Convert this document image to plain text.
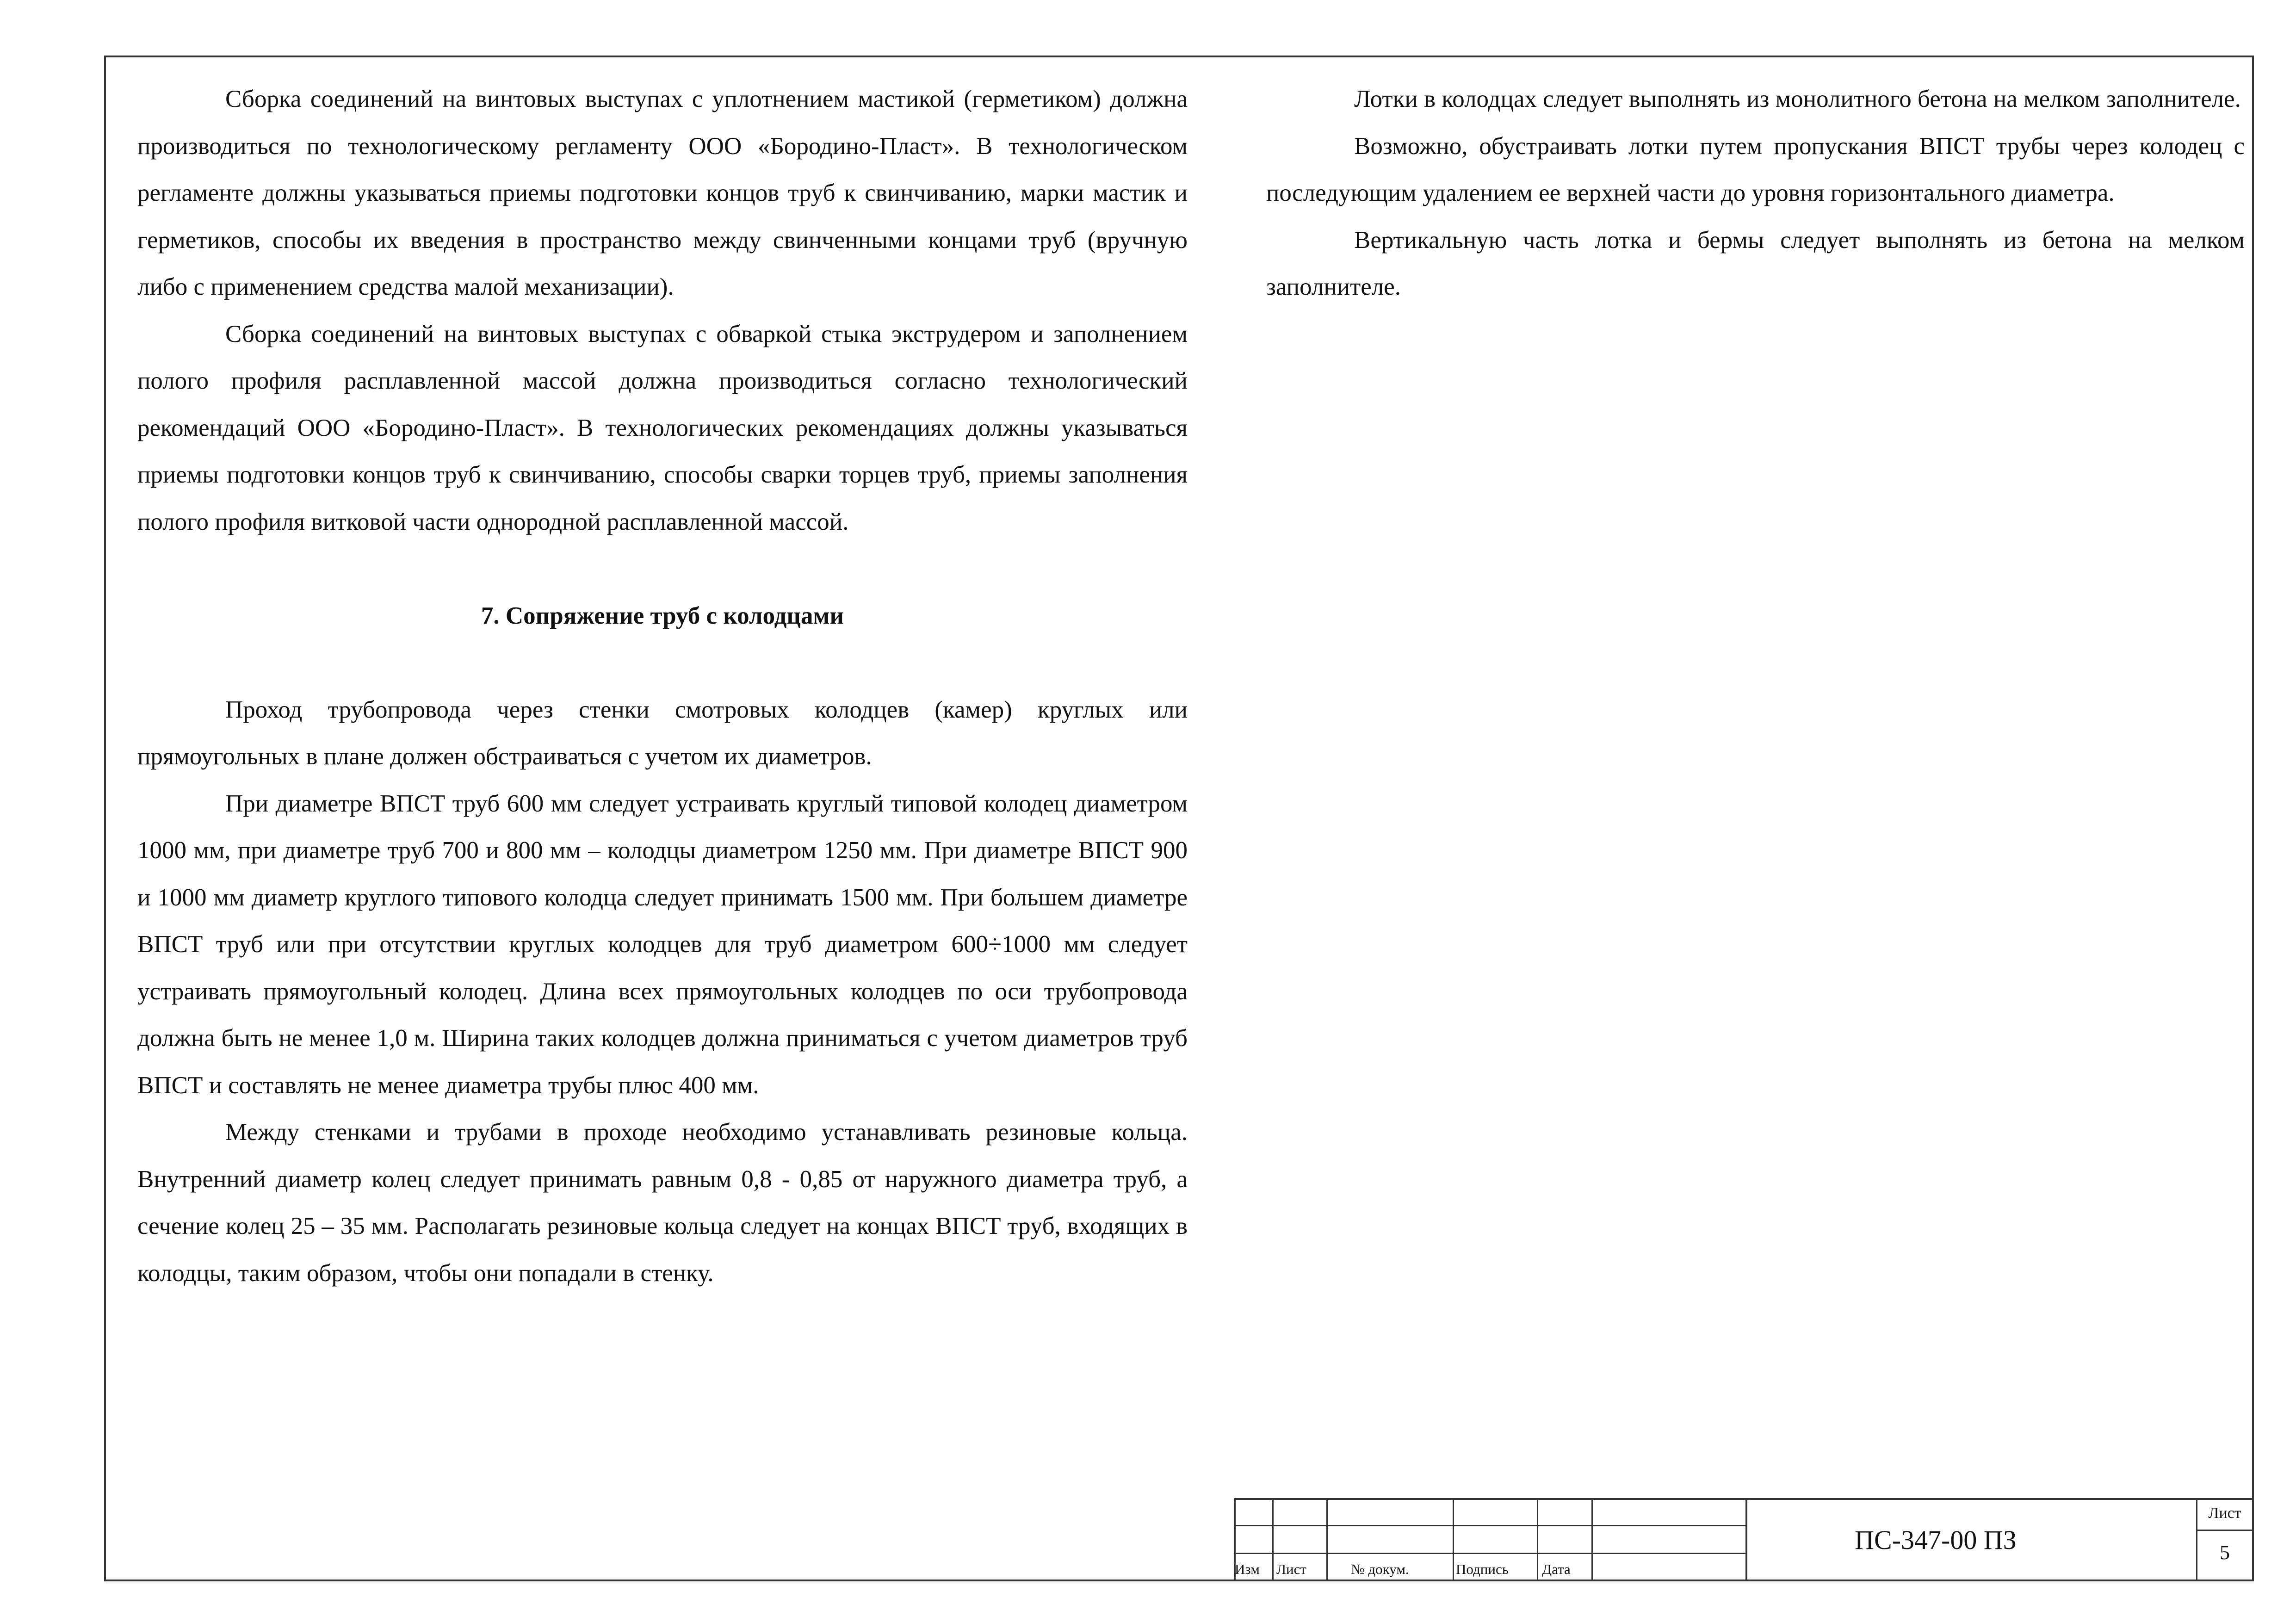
Сборка соединений на винтовых выступах с уплотнением мастикой (герметиком) должна производиться по технологическому регламенту ООО «Бородино-Пласт». В технологическом регламенте должны указываться приемы подготовки концов труб к свинчиванию, марки мастик и герметиков, способы их введения в пространство между свинченными концами труб (вручную либо с применением средства малой механизации).

Сборка соединений на винтовых выступах с обваркой стыка экструдером и заполнением полого профиля расплавленной массой должна производиться согласно технологический рекомендаций ООО «Бородино-Пласт». В технологических рекомендациях должны указываться приемы подготовки концов труб к свинчиванию, способы сварки торцев труб, приемы заполнения полого профиля витковой части однородной расплавленной массой.

7. Сопряжение труб с колодцами

Проход трубопровода через стенки смотровых колодцев (камер) круглых или прямоугольных в плане должен обстраиваться с учетом их диаметров.

При диаметре ВПСТ труб 600 мм следует устраивать круглый типовой колодец диаметром 1000 мм, при диаметре труб 700 и 800 мм – колодцы диаметром 1250 мм. При диаметре ВПСТ 900 и 1000 мм диаметр круглого типового колодца следует принимать 1500 мм. При большем диаметре ВПСТ труб или при отсутствии круглых колодцев для труб диаметром 600÷1000 мм следует устраивать прямоугольный колодец. Длина всех прямоугольных колодцев по оси трубопровода должна быть не менее 1,0 м. Ширина таких колодцев должна приниматься с учетом диаметров труб ВПСТ и составлять не менее диаметра трубы плюс 400 мм.

Между стенками и трубами в проходе необходимо устанавливать резиновые кольца. Внутренний диаметр колец следует принимать равным 0,8 - 0,85 от наружного диаметра труб, а сечение колец 25 – 35 мм. Располагать резиновые кольца следует на концах ВПСТ труб, входящих в колодцы, таким образом, чтобы они попадали в стенку.

Лотки в колодцах следует выполнять из монолитного бетона на мелком заполнителе.

Возможно, обустраивать лотки путем пропускания ВПСТ трубы через колодец с последующим удалением ее верхней части до уровня горизонтального диаметра.

Вертикальную часть лотка и бермы следует выполнять из бетона на мелком заполнителе.

Изм Лист	№ докум.	Подпись Дата
ПС-347-00 ПЗ
Лист
5
